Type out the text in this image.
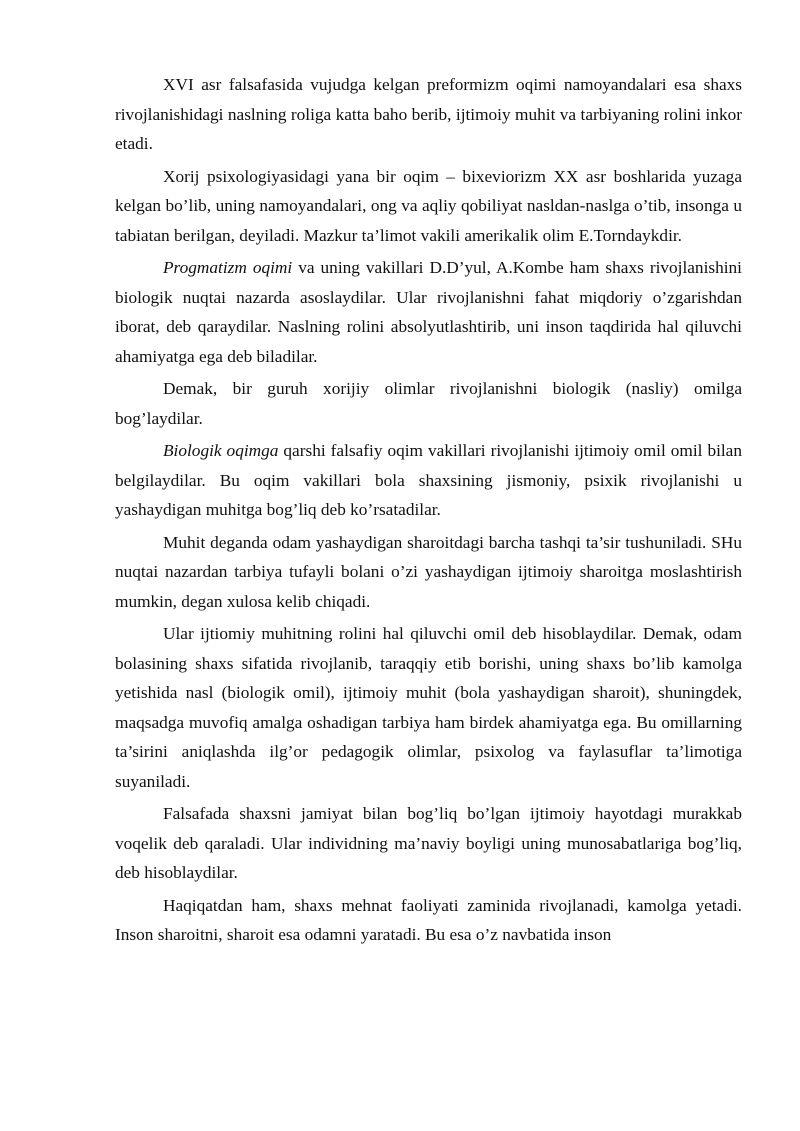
XVI asr falsafasida vujudga kelgan preformizm oqimi namoyandalari esa shaxs rivojlanishidagi naslning roliga katta baho berib, ijtimoiy muhit va tarbiyaning rolini inkor etadi.

Xorij psixologiyasidagi yana bir oqim – bixeviorizm XX asr boshlarida yuzaga kelgan bo’lib, uning namoyandalari, ong va aqliy qobiliyat nasldan-naslga o’tib, insonga u tabiatan berilgan, deyiladi. Mazkur ta’limot vakili amerikalik olim E.Torndaykdir.

Progmatizm oqimi va uning vakillari D.D’yul, A.Kombe ham shaxs rivojlanishini biologik nuqtai nazarda asoslaydilar. Ular rivojlanishni fahat miqdoriy o’zgarishdan iborat, deb qaraydilar. Naslning rolini absolyutlashtirib, uni inson taqdirida hal qiluvchi ahamiyatga ega deb biladilar.

Demak, bir guruh xorijiy olimlar rivojlanishni biologik (nasliy) omilga bog’laydilar.

Biologik oqimga qarshi falsafiy oqim vakillari rivojlanishi ijtimoiy omil omil bilan belgilaydilar. Bu oqim vakillari bola shaxsining jismoniy, psixik rivojlanishi u yashaydigan muhitga bog’liq deb ko’rsatadilar.

Muhit deganda odam yashaydigan sharoitdagi barcha tashqi ta’sir tushuniladi. SHu nuqtai nazardan tarbiya tufayli bolani o’zi yashaydigan ijtimoiy sharoitga moslashtirish mumkin, degan xulosa kelib chiqadi.

Ular ijtiomiy muhitning rolini hal qiluvchi omil deb hisoblaydilar. Demak, odam bolasining shaxs sifatida rivojlanib, taraqqiy etib borishi, uning shaxs bo’lib kamolga yetishida nasl (biologik omil), ijtimoiy muhit (bola yashaydigan sharoit), shuningdek, maqsadga muvofiq amalga oshadigan tarbiya ham birdek ahamiyatga ega. Bu omillarning ta’sirini aniqlashda ilg’or pedagogik olimlar, psixolog va faylasuflar ta’limotiga suyaniladi.

Falsafada shaxsni jamiyat bilan bog’liq bo’lgan ijtimoiy hayotdagi murakkab voqelik deb qaraladi. Ular individning ma’naviy boyligi uning munosabatlariga bog’liq, deb hisoblaydilar.

Haqiqatdan ham, shaxs mehnat faoliyati zaminida rivojlanadi, kamolga yetadi. Inson sharoitni, sharoit esa odamni yaratadi. Bu esa o’z navbatida inson
